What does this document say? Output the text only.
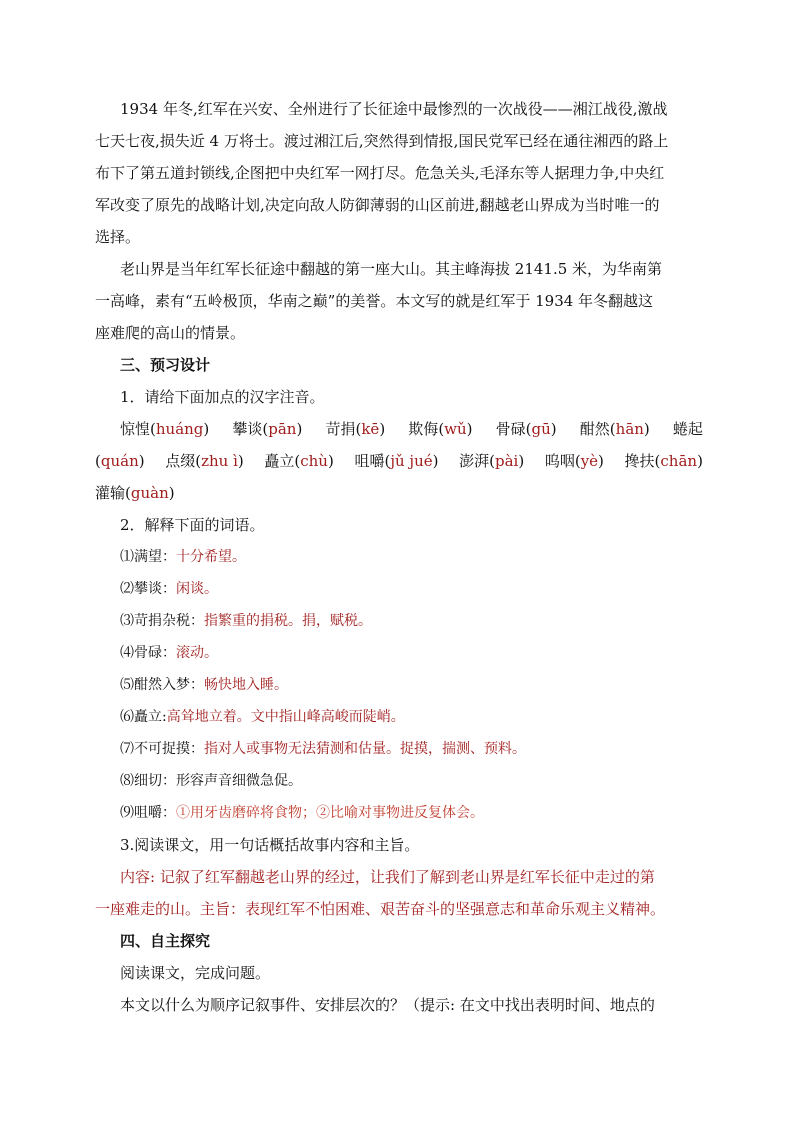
1934 年冬,红军在兴安、全州进行了长征途中最惨烈的一次战役——湘江战役,激战
七天七夜,损失近 4 万将士。渡过湘江后,突然得到情报,国民党军已经在通往湘西的路上
布下了第五道封锁线,企图把中央红军一网打尽。危急关头,毛泽东等人据理力争,中央红
军改变了原先的战略计划,决定向敌人防御薄弱的山区前进,翻越老山界成为当时唯一的
选择。
老山界是当年红军长征途中翻越的第一座大山。其主峰海拔 2141.5 米，为华南第
一高峰，素有“五岭极顶，华南之巅”的美誉。本文写的就是红军于 1934 年冬翻越这
座难爬的高山的情景。
三、预习设计
1．请给下面加点的汉字注音。
惊惶(huáng) 攀谈(pān) 苛捐(kē) 欺侮(wǔ) 骨碌(gū) 酣然(hān) 蜷起
(quán) 点缀(zhu ì) 矗立(chù) 咀嚼(jǔ jué) 澎湃(pài) 呜咽(yè) 搀扶(chān)
灌输(guàn)
2．解释下面的词语。
⑴满望：十分希望。
⑵攀谈：闲谈。
⑶苛捐杂税：指繁重的捐税。捐，赋税。
⑷骨碌：滚动。
⑸酣然入梦：畅快地入睡。
⑹矗立:高耸地立着。文中指山峰高峻而陡峭。
⑺不可捉摸：指对人或事物无法猜测和估量。捉摸，揣测、预料。
⑻细切：形容声音细微急促。
⑼咀嚼：①用牙齿磨碎将食物；②比喻对事物进反复体会。
3.阅读课文，用一句话概括故事内容和主旨。
内容: 记叙了红军翻越老山界的经过，让我们了解到老山界是红军长征中走过的第
一座难走的山。主旨：表现红军不怕困难、艰苦奋斗的坚强意志和革命乐观主义精神。
四、自主探究
阅读课文，完成问题。
本文以什么为顺序记叙事件、安排层次的？（提示: 在文中找出表明时间、地点的
